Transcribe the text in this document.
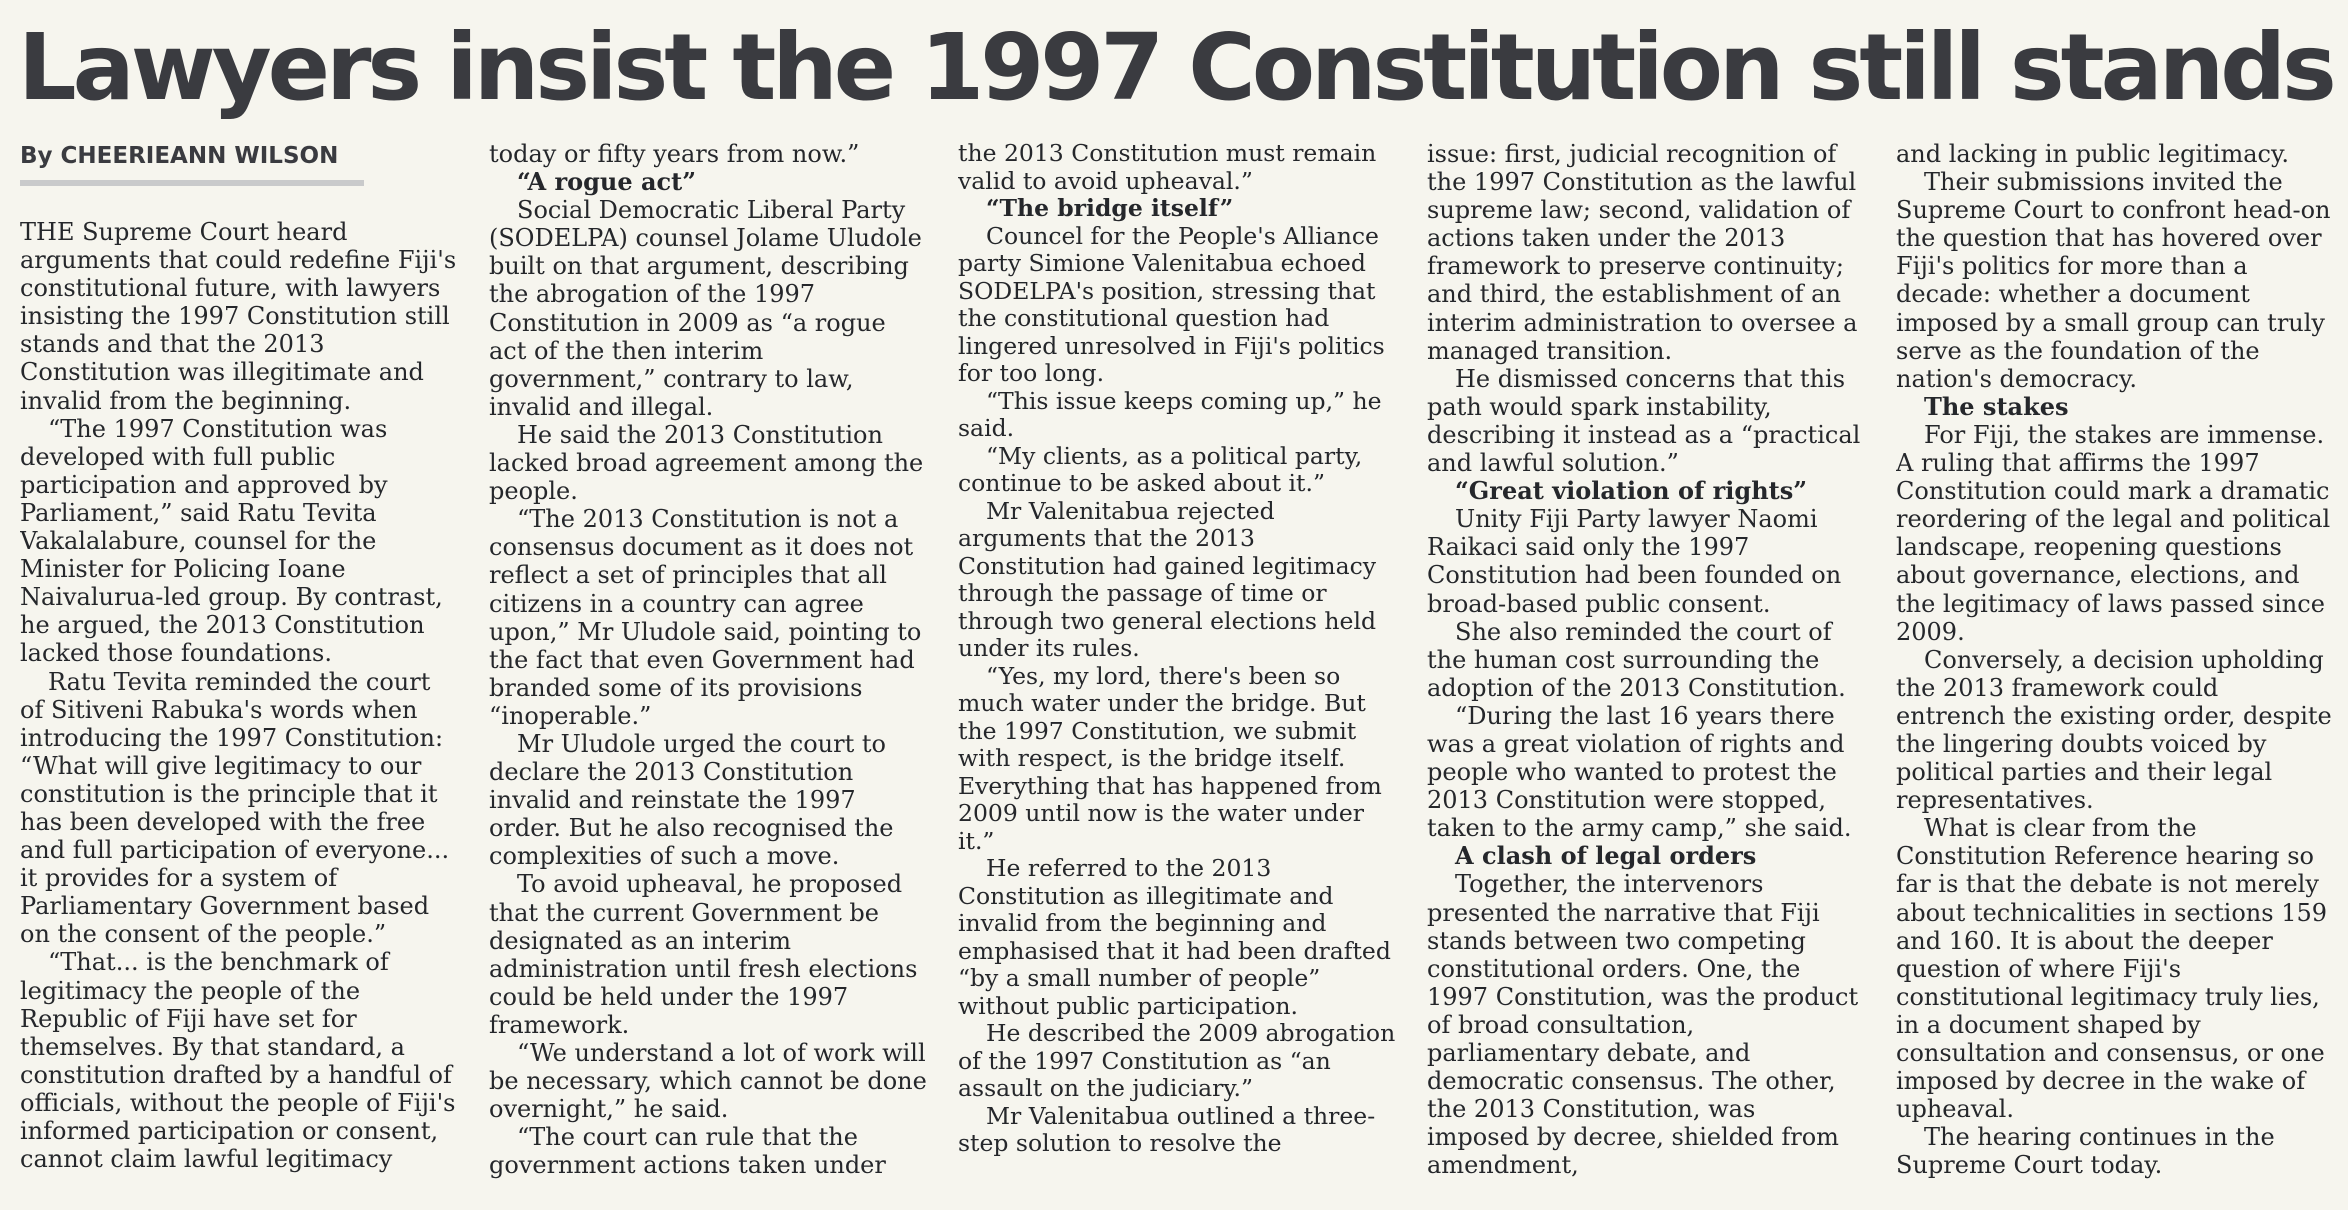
Lawyers insist the 1997 Constitution still stands
By CHEERIEANN WILSON

THE Supreme Court heard arguments that could redefine Fiji's constitutional future, with lawyers insisting the 1997 Constitution still stands and that the 2013 Constitution was illegitimate and invalid from the beginning.

“The 1997 Constitution was developed with full public participation and approved by Parliament,” said Ratu Tevita Vakalalabure, counsel for the Minister for Policing Ioane Naivalurua-led group. By contrast, he argued, the 2013 Constitution lacked those foundations.

Ratu Tevita reminded the court of Sitiveni Rabuka's words when introducing the 1997 Constitution: “What will give legitimacy to our constitution is the principle that it has been developed with the free and full participation of everyone... it provides for a system of Parliamentary Government based on the consent of the people.”

“That... is the benchmark of legitimacy the people of the Republic of Fiji have set for themselves. By that standard, a constitution drafted by a handful of officials, without the people of Fiji's informed participation or consent, cannot claim lawful legitimacy

today or fifty years from now.”

“A rogue act”

Social Democratic Liberal Party (SODELPA) counsel Jolame Uludole built on that argument, describing the abrogation of the 1997 Constitution in 2009 as “a rogue act of the then interim government,” contrary to law, invalid and illegal.

He said the 2013 Constitution lacked broad agreement among the people.

“The 2013 Constitution is not a consensus document as it does not reflect a set of principles that all citizens in a country can agree upon,” Mr Uludole said, pointing to the fact that even Government had branded some of its provisions “inoperable.”

Mr Uludole urged the court to declare the 2013 Constitution invalid and reinstate the 1997 order. But he also recognised the complexities of such a move.

To avoid upheaval, he proposed that the current Government be designated as an interim administration until fresh elections could be held under the 1997 framework.

“We understand a lot of work will be necessary, which cannot be done overnight,” he said.

“The court can rule that the government actions taken under

the 2013 Constitution must remain valid to avoid upheaval.”

“The bridge itself”

Councel for the People's Alliance party Simione Valenitabua echoed SODELPA's position, stressing that the constitutional question had lingered unresolved in Fiji's politics for too long.

“This issue keeps coming up,” he said.

“My clients, as a political party, continue to be asked about it.”

Mr Valenitabua rejected arguments that the 2013 Constitution had gained legitimacy through the passage of time or through two general elections held under its rules.

“Yes, my lord, there's been so much water under the bridge. But the 1997 Constitution, we submit with respect, is the bridge itself. Everything that has happened from 2009 until now is the water under it.”

He referred to the 2013 Constitution as illegitimate and invalid from the beginning and emphasised that it had been drafted “by a small number of people” without public participation.

He described the 2009 abrogation of the 1997 Constitution as “an assault on the judiciary.”

Mr Valenitabua outlined a three-step solution to resolve the

issue: first, judicial recognition of the 1997 Constitution as the lawful supreme law; second, validation of actions taken under the 2013 framework to preserve continuity; and third, the establishment of an interim administration to oversee a managed transition.

He dismissed concerns that this path would spark instability, describing it instead as a “practical and lawful solution.”

“Great violation of rights”

Unity Fiji Party lawyer Naomi Raikaci said only the 1997 Constitution had been founded on broad-based public consent.

She also reminded the court of the human cost surrounding the adoption of the 2013 Constitution.

“During the last 16 years there was a great violation of rights and people who wanted to protest the 2013 Constitution were stopped, taken to the army camp,” she said.

A clash of legal orders

Together, the intervenors presented the narrative that Fiji stands between two competing constitutional orders. One, the 1997 Constitution, was the product of broad consultation, parliamentary debate, and democratic consensus. The other, the 2013 Constitution, was imposed by decree, shielded from amendment,

and lacking in public legitimacy.

Their submissions invited the Supreme Court to confront head-on the question that has hovered over Fiji's politics for more than a decade: whether a document imposed by a small group can truly serve as the foundation of the nation's democracy.

The stakes

For Fiji, the stakes are immense. A ruling that affirms the 1997 Constitution could mark a dramatic reordering of the legal and political landscape, reopening questions about governance, elections, and the legitimacy of laws passed since 2009.

Conversely, a decision upholding the 2013 framework could entrench the existing order, despite the lingering doubts voiced by political parties and their legal representatives.

What is clear from the Constitution Reference hearing so far is that the debate is not merely about technicalities in sections 159 and 160. It is about the deeper question of where Fiji's constitutional legitimacy truly lies, in a document shaped by consultation and consensus, or one imposed by decree in the wake of upheaval.

The hearing continues in the Supreme Court today.
